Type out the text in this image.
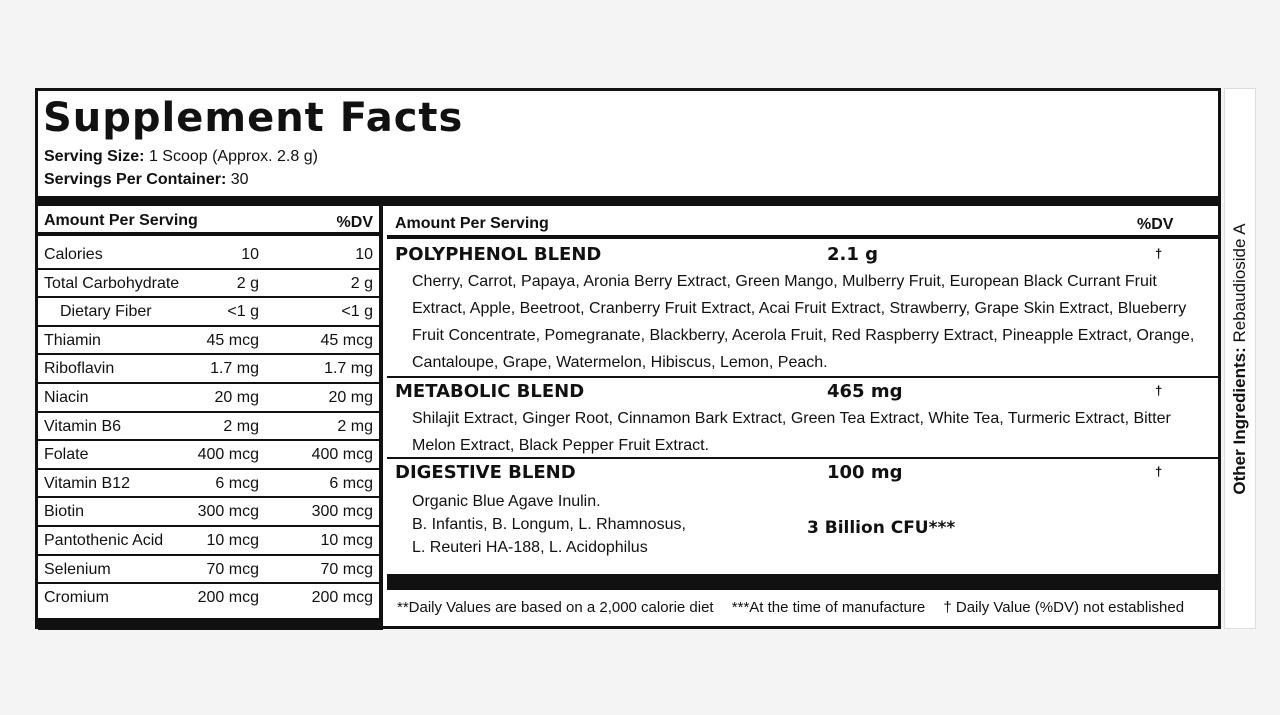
Supplement Facts
Serving Size: 1 Scoop (Approx. 2.8 g)
Servings Per Container: 30
Amount Per Serving	%DV
Calories	10	10
Total Carbohydrate	2 g	2 g
Dietary Fiber	<1 g	<1 g
Thiamin	45 mcg	45 mcg
Riboflavin	1.7 mg	1.7 mg
Niacin	20 mg	20 mg
Vitamin B6	2 mg	2 mg
Folate	400 mcg	400 mcg
Vitamin B12	6 mcg	6 mcg
Biotin	300 mcg	300 mcg
Pantothenic Acid	10 mcg	10 mcg
Selenium	70 mcg	70 mcg
Cromium	200 mcg	200 mcg
Amount Per Serving	%DV
POLYPHENOL BLEND	2.1 g	†
Cherry, Carrot, Papaya, Aronia Berry Extract, Green Mango, Mulberry Fruit, European Black Currant Fruit Extract, Apple, Beetroot, Cranberry Fruit Extract, Acai Fruit Extract, Strawberry, Grape Skin Extract, Blueberry Fruit Concentrate, Pomegranate, Blackberry, Acerola Fruit, Red Raspberry Extract, Pineapple Extract, Orange, Cantaloupe, Grape, Watermelon, Hibiscus, Lemon, Peach.
METABOLIC BLEND	465 mg	†
Shilajit Extract, Ginger Root, Cinnamon Bark Extract, Green Tea Extract, White Tea, Turmeric Extract, Bitter Melon Extract, Black Pepper Fruit Extract.
DIGESTIVE BLEND	100 mg	†
Organic Blue Agave Inulin.
B. Infantis, B. Longum, L. Rhamnosus,
L. Reuteri HA-188, L. Acidophilus
3 Billion CFU***
**Daily Values are based on a 2,000 calorie diet ***At the time of manufacture † Daily Value (%DV) not established
Other Ingredients: Rebaudioside A
